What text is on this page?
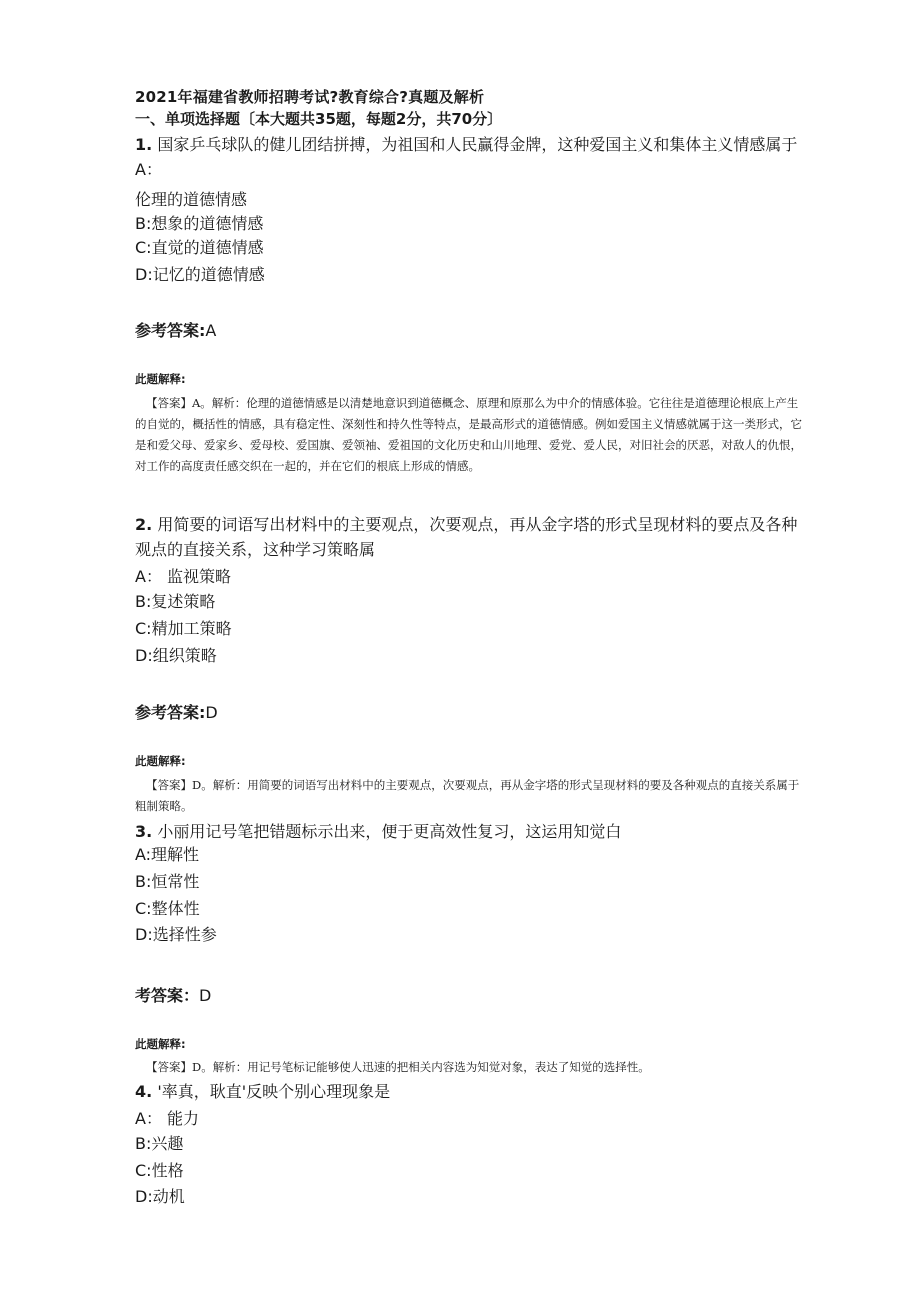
2021年福建省教师招聘考试?教育综合?真题及解析
一、单项选择题〔本大题共35题，每题2分，共70分〕
1. 国家乒乓球队的健儿团结拼搏，为祖国和人民赢得金牌，这种爱国主义和集体主义情感属于A：
伦理的道德情感
B:想象的道德情感
C:直觉的道德情感
D:记忆的道德情感
参考答案:A
此题解释:
【答案】A。解析：伦理的道德情感是以清楚地意识到道德概念、原理和原那么为中介的情感体验。它往往是道德理论根底上产生的自觉的，概括性的情感，具有稳定性、深刻性和持久性等特点，是最高形式的道德情感。例如爱国主义情感就属于这一类形式，它是和爱父母、爱家乡、爱母校、爱国旗、爱领袖、爱祖国的文化历史和山川地理、爱党、爱人民，对旧社会的厌恶，对敌人的仇恨，对工作的高度责任感交织在一起的，并在它们的根底上形成的情感。
2. 用简要的词语写出材料中的主要观点，次要观点，再从金字塔的形式呈现材料的要点及各种观点的直接关系，这种学习策略属
A： 监视策略
B:复述策略
C:精加工策略
D:组织策略
参考答案:D
此题解释:
【答案】D。解析：用简要的词语写出材料中的主要观点，次要观点，再从金字塔的形式呈现材料的要及各种观点的直接关系属于粗制策略。
3. 小丽用记号笔把错题标示出来，便于更高效性复习，这运用知觉白
A:理解性
B:恒常性
C:整体性
D:选择性参
考答案：D
此题解释:
【答案】D。解析：用记号笔标记能够使人迅速的把相关内容选为知觉对象，表达了知觉的选择性。
4. '率真，耿直'反映个别心理现象是
A： 能力
B:兴趣
C:性格
D:动机
